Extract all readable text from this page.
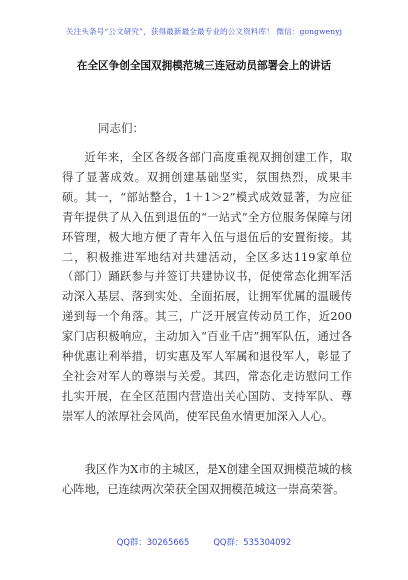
关注头条号“公文研究”，获得最新最全最专业的公文资料库！ 微信：gongwenyj
在全区争创全国双拥模范城三连冠动员部署会上的讲话
同志们：

近年来，全区各级各部门高度重视双拥创建工作，取得了显著成效。双拥创建基础坚实，氛围热烈，成果丰硕。其一，“部站整合，1＋1＞2”模式成效显著，为应征青年提供了从入伍到退伍的“一站式”全方位服务保障与闭环管理，极大地方便了青年入伍与退伍后的安置衔接。其二，积极推进军地结对共建活动，全区多达119家单位（部门）踊跃参与并签订共建协议书，促使常态化拥军活动深入基层、落到实处、全面拓展，让拥军优属的温暖传递到每一个角落。其三，广泛开展宣传动员工作，近200家门店积极响应，主动加入“百业千店”拥军队伍，通过各种优惠让利举措，切实惠及军人军属和退役军人，彰显了全社会对军人的尊崇与关爱。其四，常态化走访慰问工作扎实开展，在全区范围内营造出关心国防、支持军队、尊崇军人的浓厚社会风尚，使军民鱼水情更加深入人心。

我区作为X市的主城区，是X创建全国双拥模范城的核心阵地，已连续两次荣获全国双拥模范城这一崇高荣誉。

QQ群：30265665	QQ群：535304092
